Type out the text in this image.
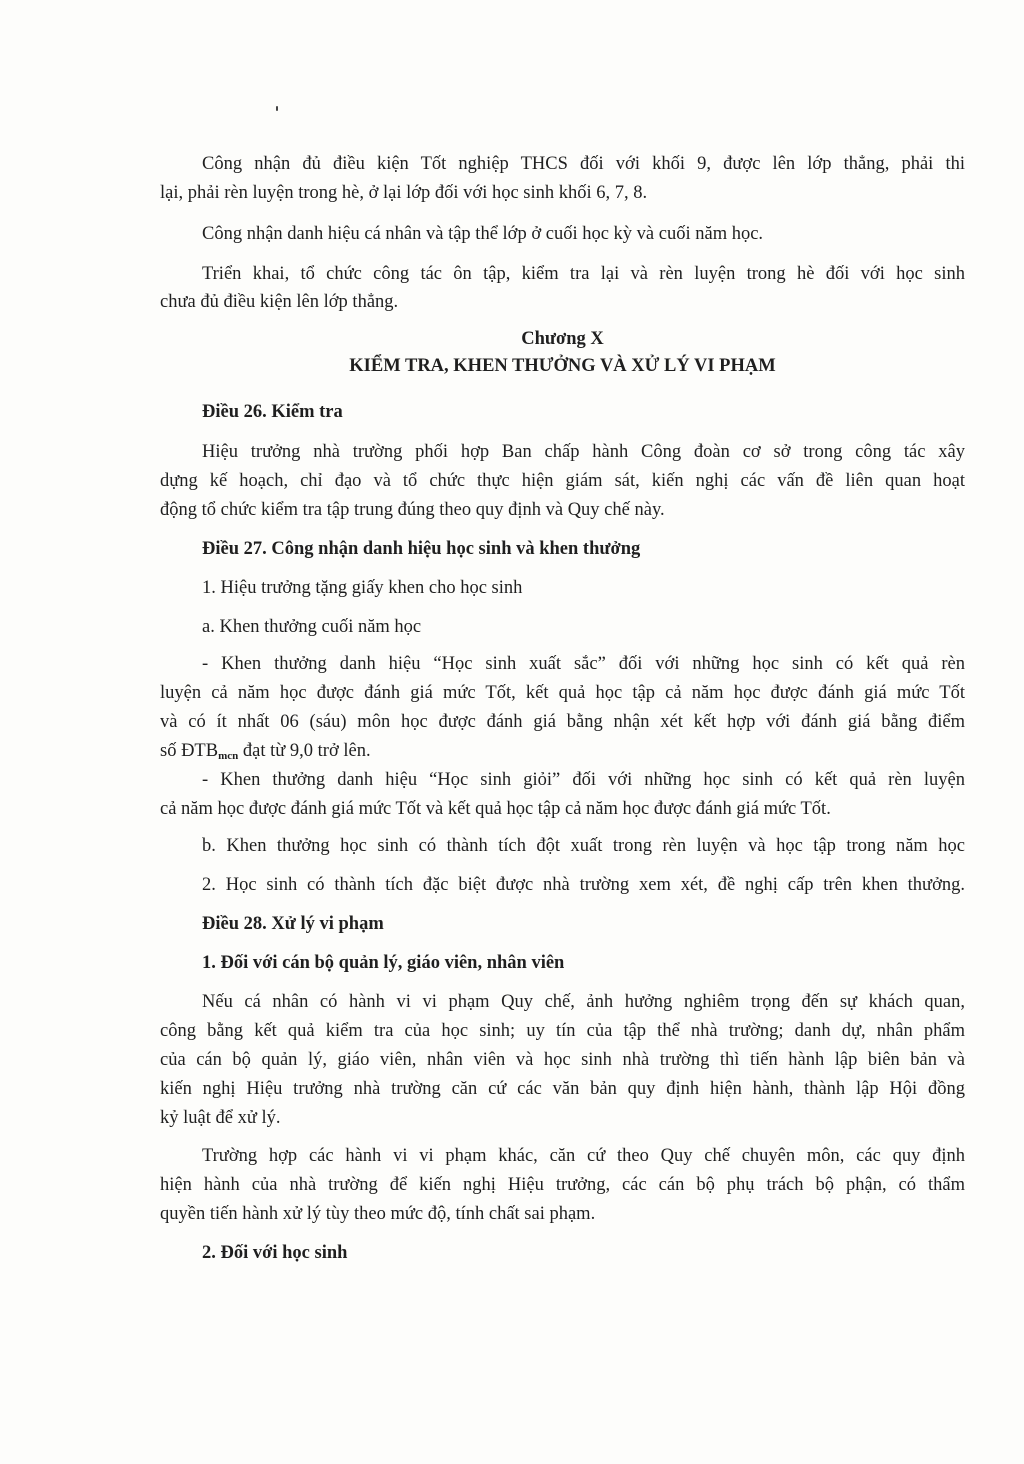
Công nhận đủ điều kiện Tốt nghiệp THCS đối với khối 9, được lên lớp thẳng, phải thi
lại, phải rèn luyện trong hè, ở lại lớp đối với học sinh khối 6, 7, 8.
Công nhận danh hiệu cá nhân và tập thể lớp ở cuối học kỳ và cuối năm học.
Triển khai, tổ chức công tác ôn tập, kiểm tra lại và rèn luyện trong hè đối với học sinh
chưa đủ điều kiện lên lớp thẳng.
Chương X
KIỂM TRA, KHEN THƯỞNG VÀ XỬ LÝ VI PHẠM
Điều 26. Kiểm tra
Hiệu trưởng nhà trường phối hợp Ban chấp hành Công đoàn cơ sở trong công tác xây
dựng kế hoạch, chỉ đạo và tổ chức thực hiện giám sát, kiến nghị các vấn đề liên quan hoạt
động tổ chức kiểm tra tập trung đúng theo quy định và Quy chế này.
Điều 27. Công nhận danh hiệu học sinh và khen thưởng
1. Hiệu trưởng tặng giấy khen cho học sinh
a. Khen thưởng cuối năm học
- Khen thưởng danh hiệu “Học sinh xuất sắc” đối với những học sinh có kết quả rèn
luyện cả năm học được đánh giá mức Tốt, kết quả học tập cả năm học được đánh giá mức Tốt
và có ít nhất 06 (sáu) môn học được đánh giá bằng nhận xét kết hợp với đánh giá bằng điểm
số $ĐTB_{mcn}$ đạt từ 9,0 trở lên.
- Khen thưởng danh hiệu “Học sinh giỏi” đối với những học sinh có kết quả rèn luyện
cả năm học được đánh giá mức Tốt và kết quả học tập cả năm học được đánh giá mức Tốt.
b. Khen thưởng học sinh có thành tích đột xuất trong rèn luyện và học tập trong năm học
2. Học sinh có thành tích đặc biệt được nhà trường xem xét, đề nghị cấp trên khen thưởng.
Điều 28. Xử lý vi phạm
1. Đối với cán bộ quản lý, giáo viên, nhân viên
Nếu cá nhân có hành vi vi phạm Quy chế, ảnh hưởng nghiêm trọng đến sự khách quan,
công bằng kết quả kiểm tra của học sinh; uy tín của tập thể nhà trường; danh dự, nhân phẩm
của cán bộ quản lý, giáo viên, nhân viên và học sinh nhà trường thì tiến hành lập biên bản và
kiến nghị Hiệu trưởng nhà trường căn cứ các văn bản quy định hiện hành, thành lập Hội đồng
kỷ luật để xử lý.
Trường hợp các hành vi vi phạm khác, căn cứ theo Quy chế chuyên môn, các quy định
hiện hành của nhà trường để kiến nghị Hiệu trưởng, các cán bộ phụ trách bộ phận, có thẩm
quyền tiến hành xử lý tùy theo mức độ, tính chất sai phạm.
2. Đối với học sinh
